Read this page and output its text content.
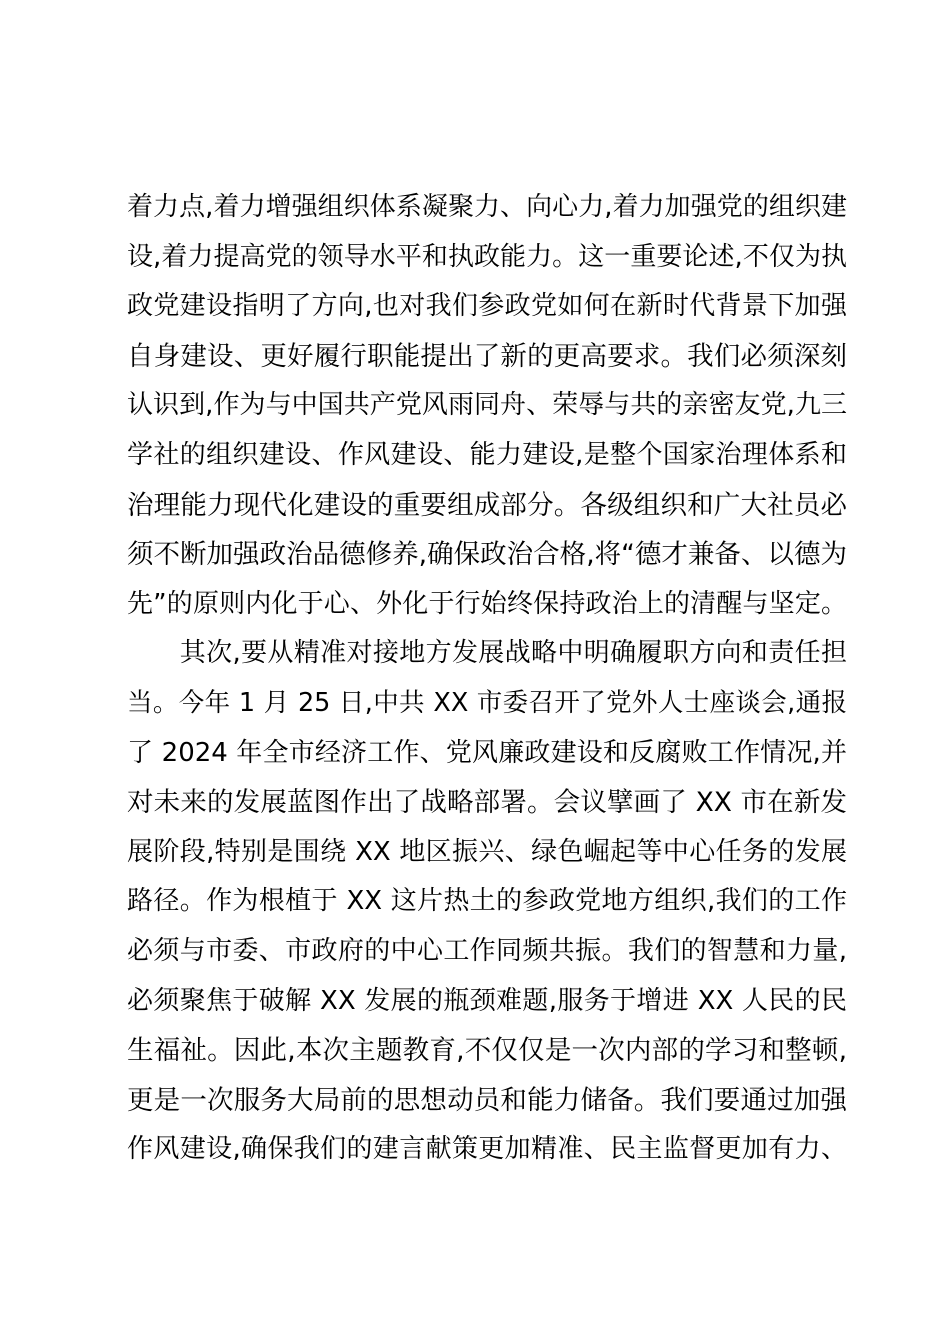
着力点,着力增强组织体系凝聚力、向心力,着力加强党的组织建
设,着力提高党的领导水平和执政能力。这一重要论述,不仅为执
政党建设指明了方向,也对我们参政党如何在新时代背景下加强
自身建设、更好履行职能提出了新的更高要求。我们必须深刻
认识到,作为与中国共产党风雨同舟、荣辱与共的亲密友党,九三
学社的组织建设、作风建设、能力建设,是整个国家治理体系和
治理能力现代化建设的重要组成部分。各级组织和广大社员必
须不断加强政治品德修养,确保政治合格,将“德才兼备、以德为
先”的原则内化于心、外化于行始终保持政治上的清醒与坚定。
　　其次,要从精准对接地方发展战略中明确履职方向和责任担
当。今年 1 月 25 日,中共 XX 市委召开了党外人士座谈会,通报
了 2024 年全市经济工作、党风廉政建设和反腐败工作情况,并
对未来的发展蓝图作出了战略部署。会议擘画了 XX 市在新发
展阶段,特别是围绕 XX 地区振兴、绿色崛起等中心任务的发展
路径。作为根植于 XX 这片热土的参政党地方组织,我们的工作
必须与市委、市政府的中心工作同频共振。我们的智慧和力量,
必须聚焦于破解 XX 发展的瓶颈难题,服务于增进 XX 人民的民
生福祉。因此,本次主题教育,不仅仅是一次内部的学习和整顿,
更是一次服务大局前的思想动员和能力储备。我们要通过加强
作风建设,确保我们的建言献策更加精准、民主监督更加有力、
